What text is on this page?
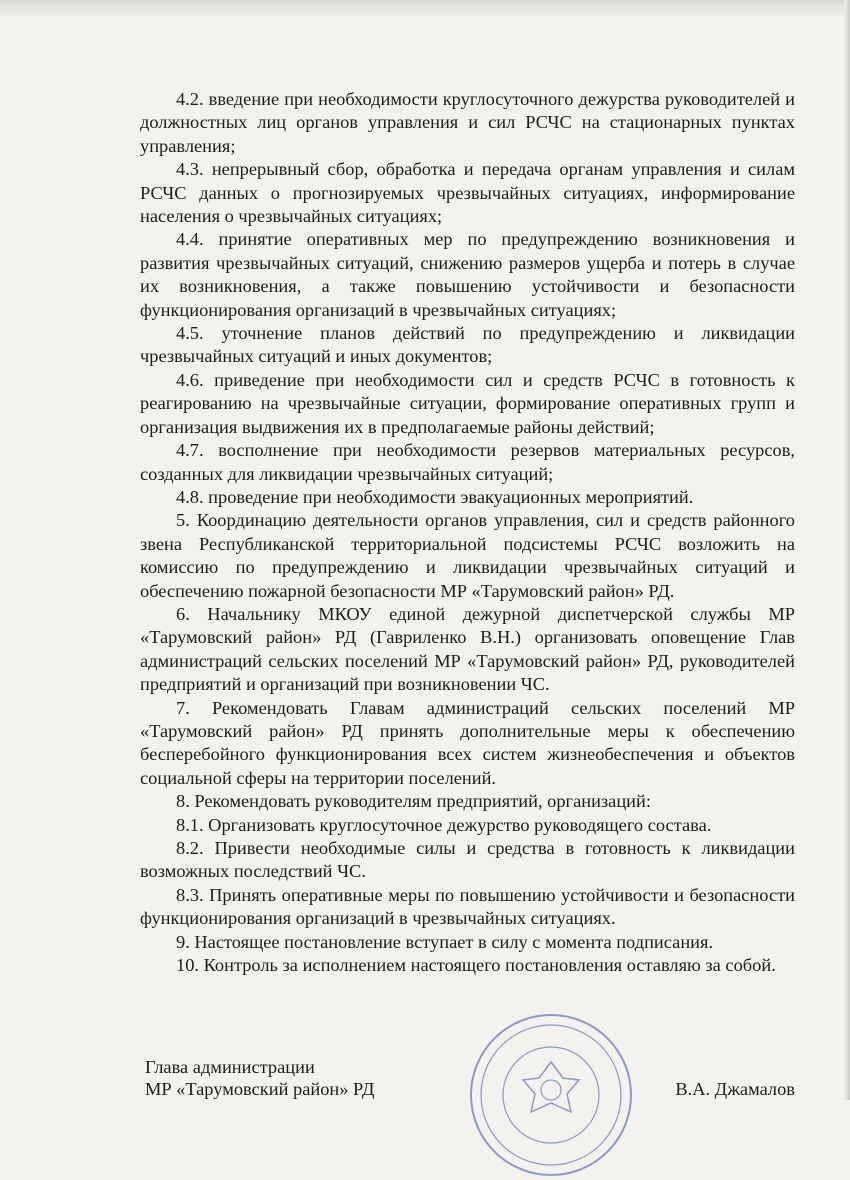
4.2. введение при необходимости круглосуточного дежурства руководителей и должностных лиц органов управления и сил РСЧС на стационарных пунктах управления;

4.3. непрерывный сбор, обработка и передача органам управления и силам РСЧС данных о прогнозируемых чрезвычайных ситуациях, информирование населения о чрезвычайных ситуациях;

4.4. принятие оперативных мер по предупреждению возникновения и развития чрезвычайных ситуаций, снижению размеров ущерба и потерь в случае их возникновения, а также повышению устойчивости и безопасности функционирования организаций в чрезвычайных ситуациях;

4.5. уточнение планов действий по предупреждению и ликвидации чрезвычайных ситуаций и иных документов;

4.6. приведение при необходимости сил и средств РСЧС в готовность к реагированию на чрезвычайные ситуации, формирование оперативных групп и организация выдвижения их в предполагаемые районы действий;

4.7. восполнение при необходимости резервов материальных ресурсов, созданных для ликвидации чрезвычайных ситуаций;

4.8. проведение при необходимости эвакуационных мероприятий.

5. Координацию деятельности органов управления, сил и средств районного звена Республиканской территориальной подсистемы РСЧС возложить на комиссию по предупреждению и ликвидации чрезвычайных ситуаций и обеспечению пожарной безопасности МР «Тарумовский район» РД.

6. Начальнику МКОУ единой дежурной диспетчерской службы МР «Тарумовский район» РД (Гавриленко В.Н.) организовать оповещение Глав администраций сельских поселений МР «Тарумовский район» РД, руководителей предприятий и организаций при возникновении ЧС.

7. Рекомендовать Главам администраций сельских поселений МР «Тарумовский район» РД принять дополнительные меры к обеспечению бесперебойного функционирования всех систем жизнеобеспечения и объектов социальной сферы на территории поселений.

8. Рекомендовать руководителям предприятий, организаций:

8.1. Организовать круглосуточное дежурство руководящего состава.

8.2. Привести необходимые силы и средства в готовность к ликвидации возможных последствий ЧС.

8.3. Принять оперативные меры по повышению устойчивости и безопасности функционирования организаций в чрезвычайных ситуациях.

9. Настоящее постановление вступает в силу с момента подписания.

10. Контроль за исполнением настоящего постановления оставляю за собой.

Глава администрации
МР «Тарумовский район» РД	В.А. Джамалов
